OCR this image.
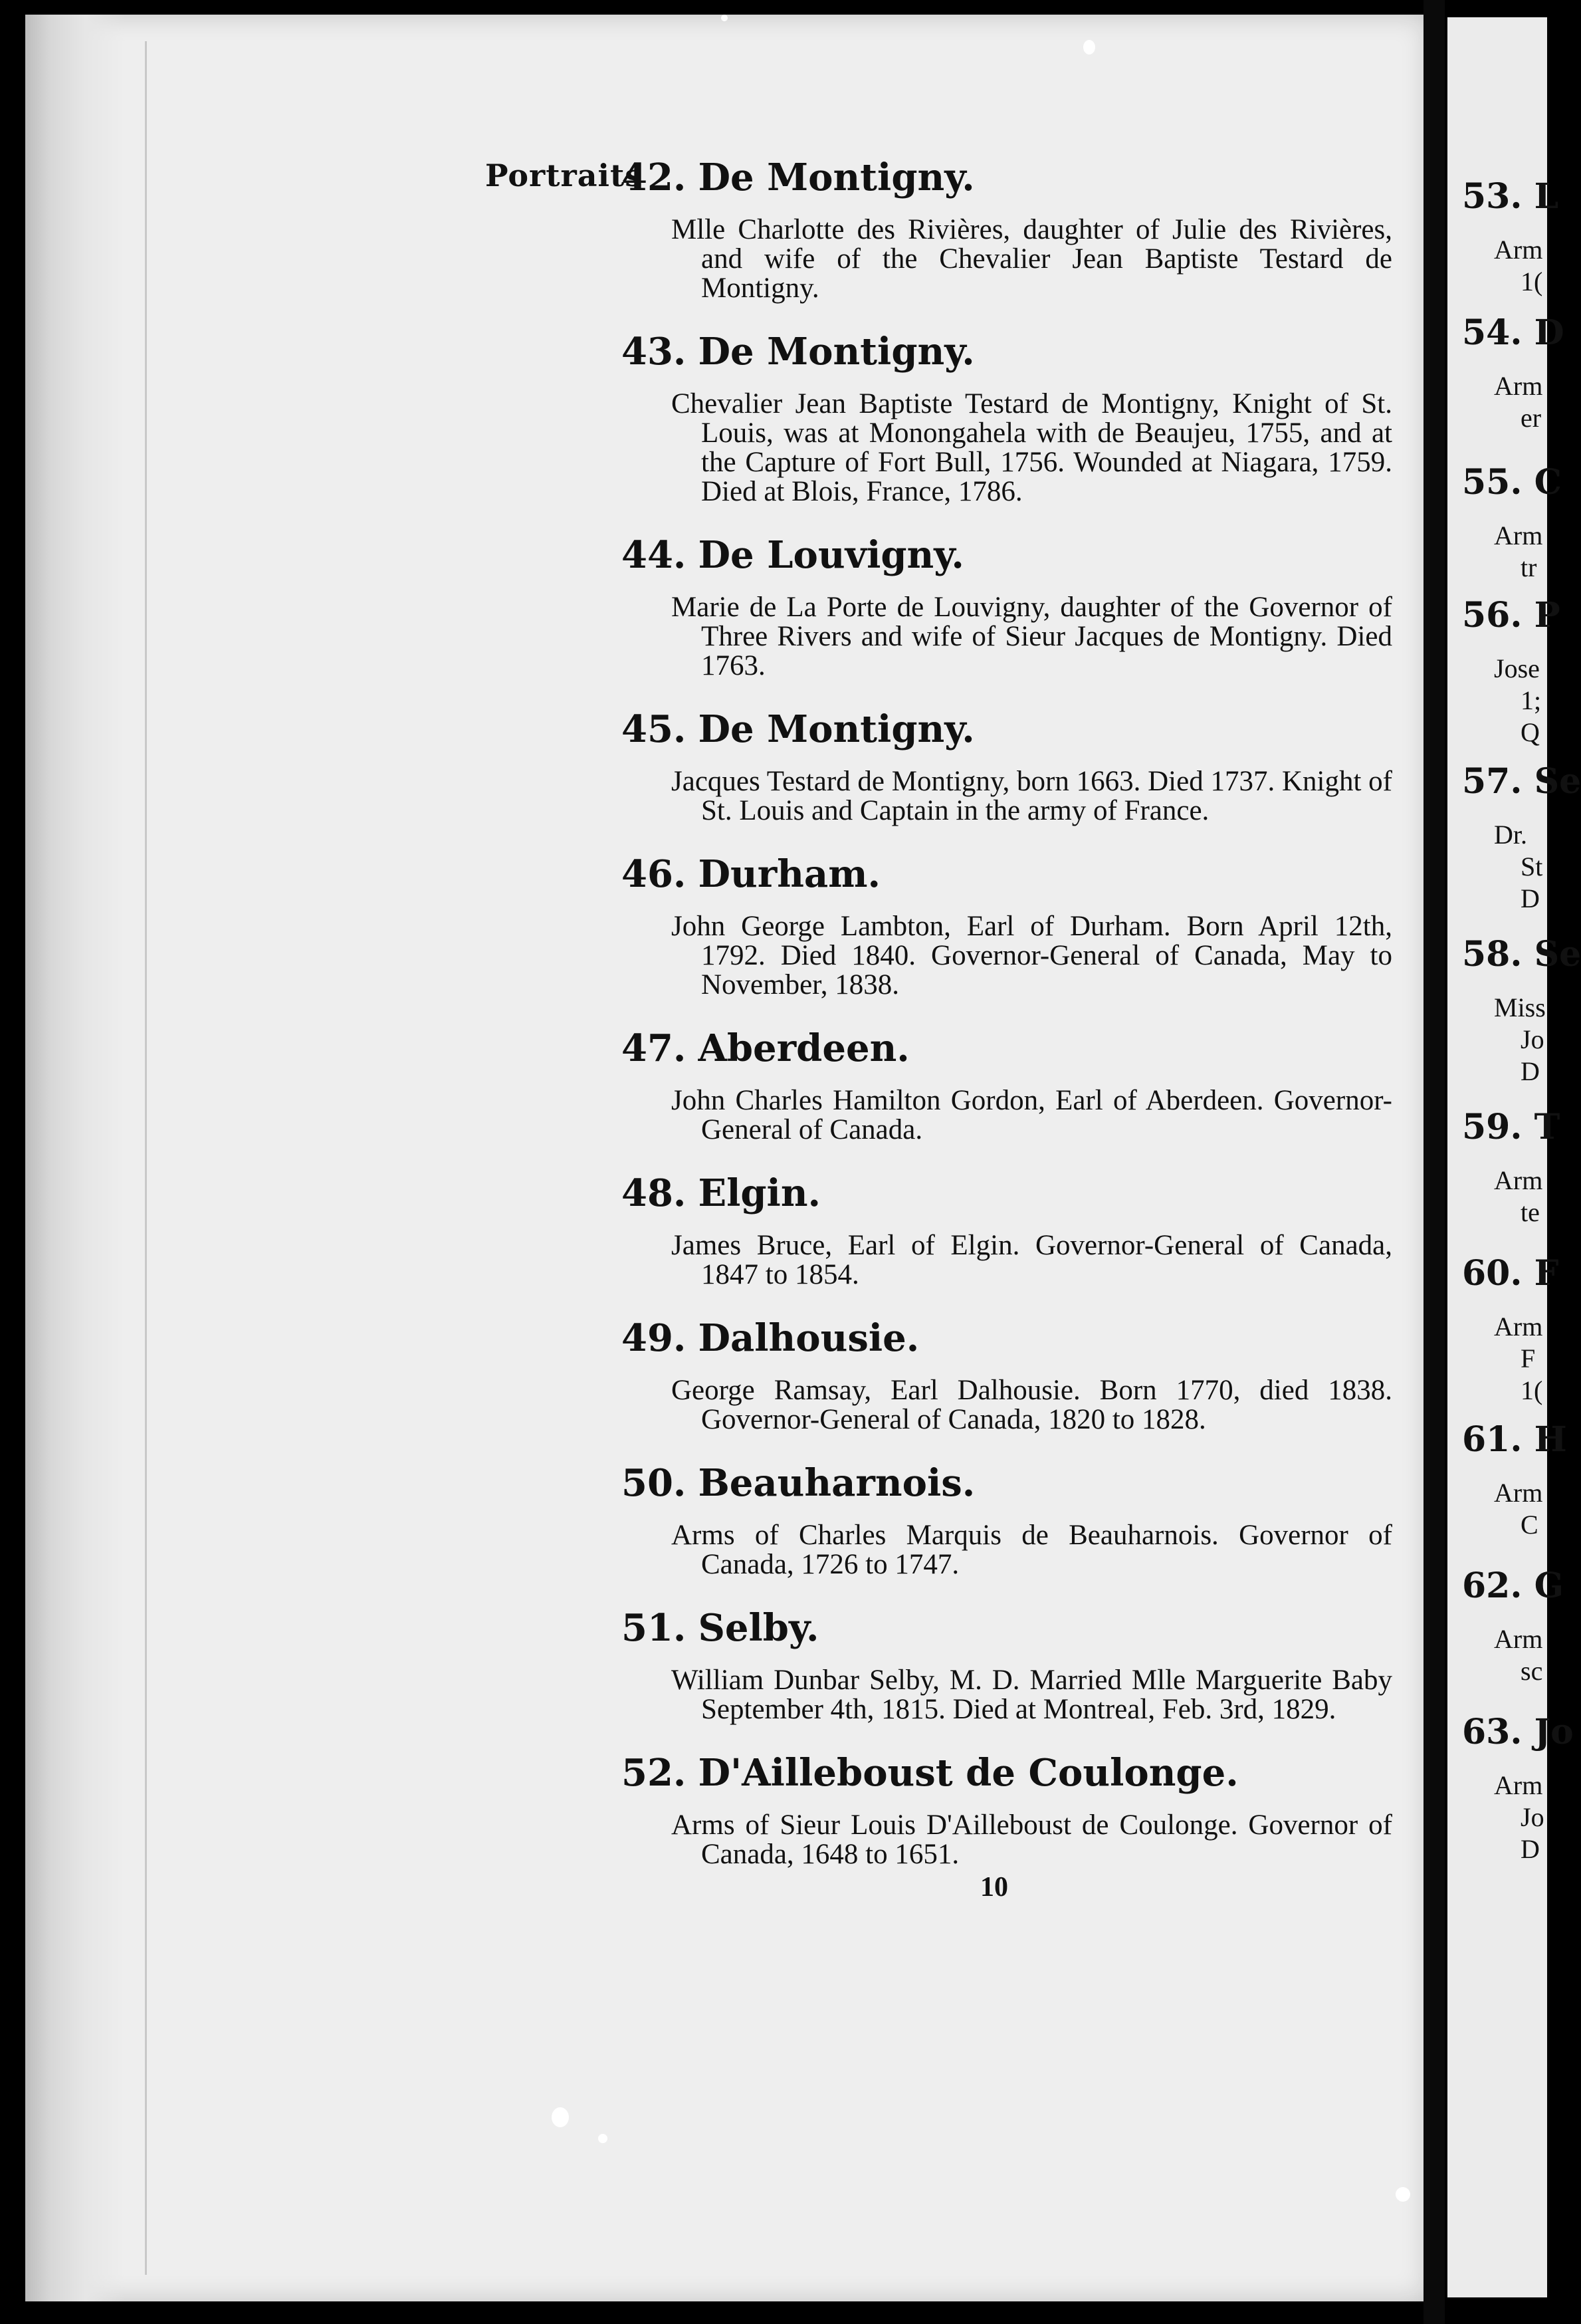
53. L
Arm
1(
54. D
Arm
er
55. C
Arm
tr
56. P
Jose
1;
Q
57. Se
Dr.
St
D
58. Se
Miss
Jo
D
59. T
Arm
te
60. F
Arm
F
1(
61. H
Arm
C
62. G
Arm
sc
63. Jo
Arm
Jo
D
Portraits
42. De Montigny.
Mlle Charlotte des Rivières, daughter of Julie des Rivières, and wife of the Chevalier Jean Baptiste Testard de Montigny.
43. De Montigny.
Chevalier Jean Baptiste Testard de Montigny, Knight of St. Louis, was at Monongahela with de Beaujeu, 1755, and at the Capture of Fort Bull, 1756. Wounded at Niagara, 1759. Died at Blois, France, 1786.
44. De Louvigny.
Marie de La Porte de Louvigny, daughter of the Governor of Three Rivers and wife of Sieur Jacques de Montigny. Died 1763.
45. De Montigny.
Jacques Testard de Montigny, born 1663. Died 1737. Knight of St. Louis and Captain in the army of France.
46. Durham.
John George Lambton, Earl of Durham. Born April 12th, 1792. Died 1840. Governor-General of Canada, May to November, 1838.
47. Aberdeen.
John Charles Hamilton Gordon, Earl of Aberdeen. Governor-General of Canada.
48. Elgin.
James Bruce, Earl of Elgin. Governor-General of Canada, 1847 to 1854.
49. Dalhousie.
George Ramsay, Earl Dalhousie. Born 1770, died 1838. Governor-General of Canada, 1820 to 1828.
50. Beauharnois.
Arms of Charles Marquis de Beauharnois. Governor of Canada, 1726 to 1747.
51. Selby.
William Dunbar Selby, M. D. Married Mlle Marguerite Baby September 4th, 1815. Died at Montreal, Feb. 3rd, 1829.
52. D'Ailleboust de Coulonge.
Arms of Sieur Louis D'Ailleboust de Coulonge. Governor of Canada, 1648 to 1651.
10
